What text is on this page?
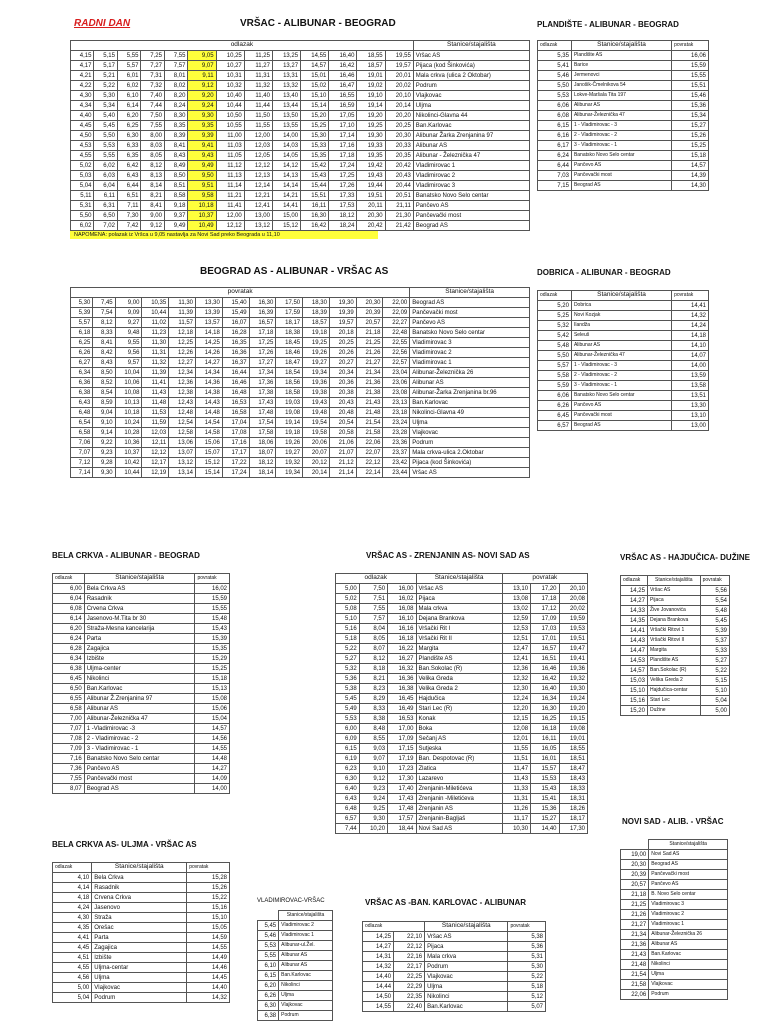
RADNI DAN	VRŠAC - ALIBUNAR - BEOGRAD
odlazak													Stanice/stajališta
4,15	5,15	5,55	7,25	7,55	9,05	10,25	11,25	13,25	14,55	16,40	18,55	19,55	Vršac AS
4,17	5,17	5,57	7,27	7,57	9,07	10,27	11,27	13,27	14,57	16,42	18,57	19,57	Pijaca (kod Šinkovića)
4,21	5,21	6,01	7,31	8,01	9,11	10,31	11,31	13,31	15,01	16,46	19,01	20,01	Mala crkva (ulica 2 Oktobar)
4,22	5,22	6,02	7,32	8,02	9,12	10,32	11,32	13,32	15,02	16,47	19,02	20,02	Podrum
4,30	5,30	6,10	7,40	8,20	9,20	10,40	11,40	13,40	15,10	16,55	19,10	20,10	Vlajkovac
4,34	5,34	6,14	7,44	8,24	9,24	10,44	11,44	13,44	15,14	16,59	19,14	20,14	Ulјma
4,40	5,40	6,20	7,50	8,30	9,30	10,50	11,50	13,50	15,20	17,05	19,20	20,20	Nikolinci-Glavna 44
4,45	5,45	6,25	7,55	8,35	9,35	10,55	11,55	13,55	15,25	17,10	19,25	20,25	Ban.Karlovac
4,50	5,50	6,30	8,00	8,39	9,39	11,00	12,00	14,00	15,30	17,14	19,30	20,30	Alibunar Žarka Zrenjanina 97
4,53	5,53	6,33	8,03	8,41	9,41	11,03	12,03	14,03	15,33	17,16	19,33	20,33	Alibunar AS
4,55	5,55	6,35	8,05	8,43	9,43	11,05	12,05	14,05	15,35	17,18	19,35	20,35	Alibunar - Železnička 47
5,02	6,02	6,42	8,12	8,49	9,49	11,12	12,12	14,12	15,42	17,24	19,42	20,42	Vladimirovac 1
5,03	6,03	6,43	8,13	8,50	9,50	11,13	12,13	14,13	15,43	17,25	19,43	20,43	Vladimirovac 2
5,04	6,04	6,44	8,14	8,51	9,51	11,14	12,14	14,14	15,44	17,26	19,44	20,44	Vladimirovac 3
5,11	6,11	6,51	8,21	8,58	9,58	11,21	12,21	14,21	15,51	17,33	19,51	20,51	Banatsko Novo Selo centar
5,31	6,31	7,11	8,41	9,18	10,18	11,41	12,41	14,41	16,11	17,53	20,11	21,11	Pančevo AS
5,50	6,50	7,30	9,00	9,37	10,37	12,00	13,00	15,00	16,30	18,12	20,30	21,30	Pančevački most
6,02	7,02	7,42	9,12	9,49	10,49	12,12	13,12	15,12	16,42	18,24	20,42	21,42	Beograd AS
NAPOMENA: polazak iz Vršca u 9,05 nastavlja za Novi Sad preko Beograda u 11,10
PLANDIŠTE - ALIBUNAR - BEOGRAD
odlazak	Stanice/stajališta	povratak
5,35	Plandište AS	16,06
5,41	Barice	15,59
5,46	Jermenovci	15,55
5,50	Janošik-Čmelnikova 54	15,51
5,53	Lokve-Maršala Tita 197	15,46
6,06	Alibunar AS	15,36
6,08	Alibunar-Železnička 47	15,34
6,15	1 - Vladimirovac - 3	15,27
6,16	2 - Vladimirovac - 2	15,26
6,17	3 - Vladimirovac - 1	15,25
6,24	Banatsko Novo Selo centar	15,18
6,44	Pančevo AS	14,57
7,03	Pančevački most	14,39
7,15	Beograd AS	14,30
BEOGRAD AS - ALIBUNAR - VRŠAC AS
povratak													Stanice/stajališta
5,30	7,45	9,00	10,35	11,30	13,30	15,40	16,30	17,50	18,30	19,30	20,30	22,00	Beograd AS
5,39	7,54	9,09	10,44	11,39	13,39	15,49	16,39	17,59	18,39	19,39	20,39	22,09	Pančevački most
5,57	8,12	9,27	11,02	11,57	13,57	16,07	16,57	18,17	18,57	19,57	20,57	22,27	Pančevo AS
6,18	8,33	9,48	11,23	12,18	14,18	16,28	17,18	18,38	19,18	20,18	21,18	22,48	Banatsko Novo Selo centar
6,25	8,41	9,55	11,30	12,25	14,25	16,35	17,25	18,45	19,25	20,25	21,25	22,55	Vladimirovac 3
6,26	8,42	9,56	11,31	12,26	14,26	16,36	17,26	18,46	19,26	20,26	21,26	22,56	Vladimirovac 2
6,27	8,43	9,57	11,32	12,27	14,27	16,37	17,27	18,47	19,27	20,27	21,27	22,57	Vladimirovac 1
6,34	8,50	10,04	11,39	12,34	14,34	16,44	17,34	18,54	19,34	20,34	21,34	23,04	Alibunar-Železnička 26
6,36	8,52	10,06	11,41	12,36	14,36	16,46	17,36	18,56	19,36	20,36	21,36	23,06	Alibunar AS
6,38	8,54	10,08	11,43	12,38	14,38	16,48	17,38	18,58	19,38	20,38	21,38	23,08	Alibunar-Žarka Zrenjanina br.96
6,43	8,59	10,13	11,48	12,43	14,43	16,53	17,43	19,03	19,43	20,43	21,43	23,13	Ban.Karlovac
6,48	9,04	10,18	11,53	12,48	14,48	16,58	17,48	19,08	19,48	20,48	21,48	23,18	Nikolinci-Glavna 49
6,54	9,10	10,24	11,59	12,54	14,54	17,04	17,54	19,14	19,54	20,54	21,54	23,24	Ulјma
6,58	9,14	10,28	12,03	12,58	14,58	17,08	17,58	19,18	19,58	20,58	21,58	23,28	Vlajkovac
7,06	9,22	10,36	12,11	13,06	15,06	17,16	18,06	19,26	20,06	21,06	22,06	23,36	Podrum
7,07	9,23	10,37	12,12	13,07	15,07	17,17	18,07	19,27	20,07	21,07	22,07	23,37	Mala crkva-ulica 2.Oktobar
7,12	9,28	10,42	12,17	13,12	15,12	17,22	18,12	19,32	20,12	21,12	22,12	23,42	Pijaca (kod Šinkovića)
7,14	9,30	10,44	12,19	13,14	15,14	17,24	18,14	19,34	20,14	21,14	22,14	23,44	Vršac AS
DOBRICA - ALIBUNAR - BEOGRAD
odlazak	Stanice/stajališta	povratak
5,20	Dobrica	14,41
5,25	Novi Kozjak	14,32
5,32	Ilandža	14,24
5,42	Seleuš	14,18
5,48	Alibunar AS	14,10
5,50	Alibunar-Železnička 47	14,07
5,57	1 - Vladimirovac - 3	14,00
5,58	2 - Vladimirovac - 2	13,59
5,59	3 - Vladimirovac - 1	13,58
6,06	Banatsko Novo Selo centar	13,51
6,26	Pančevo AS	13,30
6,45	Pančevački most	13,10
6,57	Beograd AS	13,00
BELA CRKVA - ALIBUNAR - BEOGRAD
odlazak	Stanice/stajališta	povratak
6,00	Bela Crkva AS	16,02
6,04	Rasadnik	15,59
6,08	Crvena Crkva	15,55
6,14	Jasenovo-M.Tita br 30	15,48
6,20	Straža-Mesna kancelarija	15,43
6,24	Parta	15,39
6,28	Zagajica	15,35
6,34	Izbište	15,29
6,38	Ulјma-center	15,25
6,45	Nikolinci	15,18
6,50	Ban.Karlovac	15,13
6,55	Alibunar Ž.Zrenjanina 97	15,08
6,58	Alibunar AS	15,06
7,00	Alibunar-Železnička 47	15,04
7,07	1 -Vladimirovac -3	14,57
7,08	2 - Vladimirovac - 2	14,56
7,09	3 - Vladimirovac - 1	14,55
7,16	Banatsko Novo Selo centar	14,48
7,36	Pančevo AS	14,27
7,55	Pančevački most	14,09
8,07	Beograd AS	14,00
BELA CRKVA AS- ULJMA - VRŠAC AS
odlazak	Stanice/stajališta	povratak
4,10	Bela Crkva	15,28
4,14	Rasadnik	15,26
4,18	Crvena Crkva	15,22
4,24	Jasenovo	15,16
4,30	Straža	15,10
4,35	Orešac	15,05
4,41	Parta	14,59
4,45	Zagajica	14,55
4,51	Izbište	14,49
4,55	Ulјma-centar	14,46
4,56	Ulјma	14,45
5,00	Vlajkovac	14,40
5,04	Podrum	14,32
VRŠAC AS - ZRENJANIN AS- NOVI SAD AS
odlazak			Stanice/stajališta	povratak		
5,00	7,50	16,00	Vršac AS	13,10	17,20	20,10
5,02	7,51	16,02	Pijaca	13,08	17,18	20,08
5,08	7,55	16,08	Mala crkva	13,02	17,12	20,02
5,10	7,57	16,10	Dejana Brankova	12,59	17,09	19,59
5,16	8,04	16,16	Vršački Rit I	12,53	17,03	19,53
5,18	8,05	16,18	Vršački Rit II	12,51	17,01	19,51
5,22	8,07	16,22	Margita	12,47	16,57	19,47
5,27	8,12	16,27	Plandište AS	12,41	16,51	19,41
5,32	8,18	16,32	Ban.Sokolac (R)	12,36	16,46	19,36
5,36	8,21	16,36	Velika Greda	12,32	16,42	19,32
5,38	8,23	16,38	Velika Greda 2	12,30	16,40	19,30
5,45	8,29	16,45	Hajdučica	12,24	16,34	19,24
5,49	8,33	16,49	Stari Lec (R)	12,20	16,30	19,20
5,53	8,38	16,53	Konak	12,15	16,25	19,15
6,00	8,48	17,00	Boka	12,08	16,18	19,08
6,09	8,55	17,09	Sečanj AS	12,01	16,11	19,01
6,15	9,03	17,15	Sutjeska	11,55	16,05	18,55
6,19	9,07	17,19	Ban. Despotovac (R)	11,51	16,01	18,51
6,23	9,10	17,23	Zlatica	11,47	15,57	18,47
6,30	9,12	17,30	Lazarevo	11,43	15,53	18,43
6,40	9,23	17,40	Zrenjanin-Miletićeva	11,33	15,43	18,33
6,43	9,24	17,43	Zrenjanin -Miletićeva	11,31	15,41	18,31
6,48	9,25	17,48	Zrenjanin AS	11,26	15,36	18,26
6,57	9,30	17,57	Zrenjanin-Bagljaš	11,17	15,27	18,17
7,44	10,20	18,44	Novi Sad AS	10,30	14,40	17,30
VRŠAC AS - HAJDUČICA- DUŽINE
odlazak	Stanice/stajališta	povratak
14,25	Vršac AS	5,56
14,27	Pijaca	5,54
14,33	Žive Jovanovića	5,48
14,35	Dejana Brankova	5,45
14,41	Vršački Ritovi 1	5,39
14,43	Vršački Ritovi II	5,37
14,47	Margita	5,33
14,53	Plandište AS	5,27
14,57	Ban.Sokolac (R)	5,22
15,03	Velika Greda 2	5,15
15,10	Hajdučica-centar	5,10
15,16	Stari Lec	5,04
15,20	Dužine	5,00
NOVI SAD - ALIB. - VRŠAC
	Stanice/stajališta
19,00	Novi Sad AS
20,30	Beograd AS
20,39	Pančevački most
20,57	Pančevo AS
21,18	B. Novo Selo centar
21,25	Vladimirovac 3
21,26	Vladimirovac 2
21,27	Vladimirovac 1
21,34	Alibunar-Železnička 26
21,36	Alibunar AS
21,43	Ban.Karlovac
21,48	Nikolinci
21,54	Ulјma
21,58	Vlajkovac
22,06	Podrum
VLADIMIROVAC-VRŠAC
	Stanice/stajališta
5,45	Vladimirovac 2
5,46	Vladimirovac 1
5,53	Alibunar-ul.Žel.
5,55	Alibunar AS
6,10	Alibunar AS
6,15	Ban.Karlovac
6,20	Nikolinci
6,26	Ulјma
6,30	Vlajkovac
6,38	Podrum
VRŠAC AS -BAN. KARLOVAC - ALIBUNAR
odlazak		Stanice/stajališta	povratak
14,25	22,10	Vršac AS	5,38
14,27	22,12	Pijaca	5,36
14,31	22,16	Mala crkva	5,31
14,32	22,17	Podrum	5,30
14,40	22,25	Vlajkovac	5,22
14,44	22,29	Ulјma	5,18
14,50	22,35	Nikolinci	5,12
14,55	22,40	Ban.Karlovac	5,07
